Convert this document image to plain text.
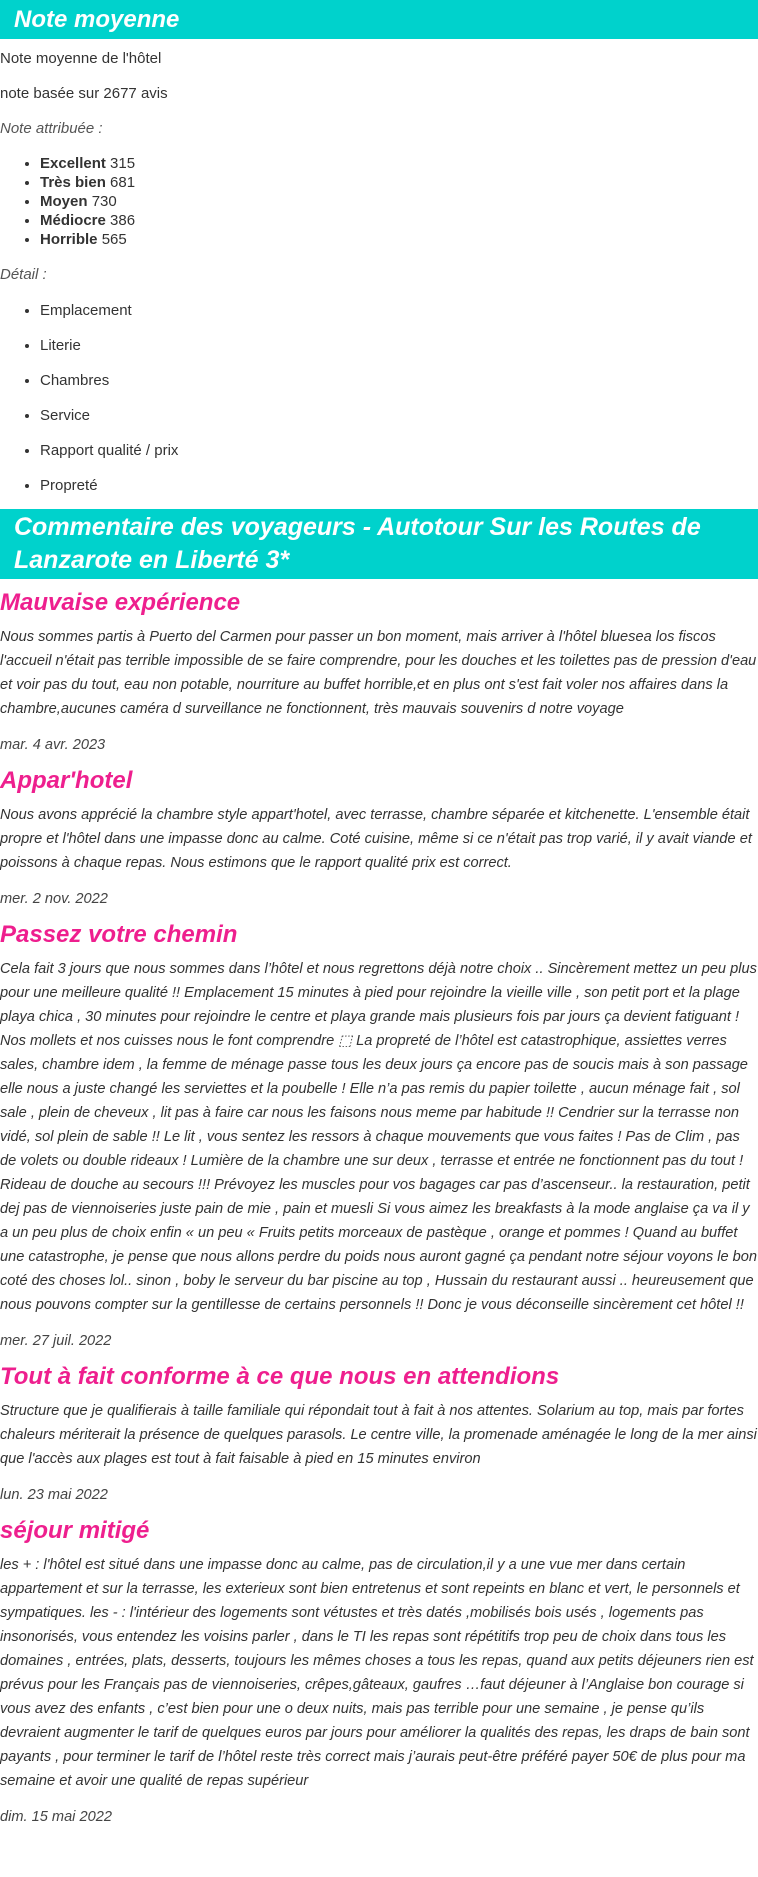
Note moyenne

Note moyenne de l'hôtel

note basée sur 2677 avis

Note attribuée :

• Excellent 315
• Très bien 681
• Moyen 730
• Médiocre 386
• Horrible 565

Détail :

• Emplacement
• Literie
• Chambres
• Service
• Rapport qualité / prix
• Propreté
Commentaire des voyageurs - Autotour Sur les Routes de Lanzarote en Liberté 3*
Mauvaise expérience

Nous sommes partis à Puerto del Carmen pour passer un bon moment, mais arriver à l'hôtel bluesea los fiscos l'accueil n'était pas terrible impossible de se faire comprendre, pour les douches et les toilettes pas de pression d'eau et voir pas du tout, eau non potable, nourriture au buffet horrible,et en plus ont s'est fait voler nos affaires dans la chambre,aucunes caméra d surveillance ne fonctionnent, très mauvais souvenirs d notre voyage

mar. 4 avr. 2023

Appar'hotel

Nous avons apprécié la chambre style appart'hotel, avec terrasse, chambre séparée et kitchenette. L'ensemble était propre et l'hôtel dans une impasse donc au calme. Coté cuisine, même si ce n'était pas trop varié, il y avait viande et poissons à chaque repas. Nous estimons que le rapport qualité prix est correct.

mer. 2 nov. 2022

Passez votre chemin

Cela fait 3 jours que nous sommes dans l’hôtel et nous regrettons déjà notre choix .. Sincèrement mettez un peu plus pour une meilleure qualité !! Emplacement 15 minutes à pied pour rejoindre la vieille ville , son petit port et la plage playa chica , 30 minutes pour rejoindre le centre et playa grande mais plusieurs fois par jours ça devient fatiguant ! Nos mollets et nos cuisses nous le font comprendre ⬚ La propreté de l’hôtel est catastrophique, assiettes verres sales, chambre idem , la femme de ménage passe tous les deux jours ça encore pas de soucis mais à son passage elle nous a juste changé les serviettes et la poubelle ! Elle n’a pas remis du papier toilette , aucun ménage fait , sol sale , plein de cheveux , lit pas à faire car nous les faisons nous meme par habitude !! Cendrier sur la terrasse non vidé, sol plein de sable !! Le lit , vous sentez les ressors à chaque mouvements que vous faites ! Pas de Clim , pas de volets ou double rideaux ! Lumière de la chambre une sur deux , terrasse et entrée ne fonctionnent pas du tout ! Rideau de douche au secours !!! Prévoyez les muscles pour vos bagages car pas d’ascenseur.. la restauration, petit dej pas de viennoiseries juste pain de mie , pain et muesli Si vous aimez les breakfasts à la mode anglaise ça va il y a un peu plus de choix enfin « un peu « Fruits petits morceaux de pastèque , orange et pommes ! Quand au buffet une catastrophe, je pense que nous allons perdre du poids nous auront gagné ça pendant notre séjour voyons le bon coté des choses lol.. sinon , boby le serveur du bar piscine au top , Hussain du restaurant aussi .. heureusement que nous pouvons compter sur la gentillesse de certains personnels !! Donc je vous déconseille sincèrement cet hôtel !!

mer. 27 juil. 2022

Tout à fait conforme à ce que nous en attendions

Structure que je qualifierais à taille familiale qui répondait tout à fait à nos attentes. Solarium au top, mais par fortes chaleurs mériterait la présence de quelques parasols. Le centre ville, la promenade aménagée le long de la mer ainsi que l'accès aux plages est tout à fait faisable à pied en 15 minutes environ

lun. 23 mai 2022

séjour mitigé

les + : l'hôtel est situé dans une impasse donc au calme, pas de circulation,il y a une vue mer dans certain appartement et sur la terrasse, les exterieux sont bien entretenus et sont repeints en blanc et vert, le personnels et sympatiques. les - : l'intérieur des logements sont vétustes et très datés ,mobilisés bois usés , logements pas insonorisés, vous entendez les voisins parler , dans le TI les repas sont répétitifs trop peu de choix dans tous les domaines , entrées, plats, desserts, toujours les mêmes choses a tous les repas, quand aux petits déjeuners rien est prévus pour les Français pas de viennoiseries, crêpes,gâteaux, gaufres …faut déjeuner à l’Anglaise bon courage si vous avez des enfants , c’est bien pour une o deux nuits, mais pas terrible pour une semaine , je pense qu’ils devraient augmenter le tarif de quelques euros par jours pour améliorer la qualités des repas, les draps de bain sont payants , pour terminer le tarif de l’hôtel reste très correct mais j’aurais peut-être préféré payer 50€ de plus pour ma semaine et avoir une qualité de repas supérieur

dim. 15 mai 2022
